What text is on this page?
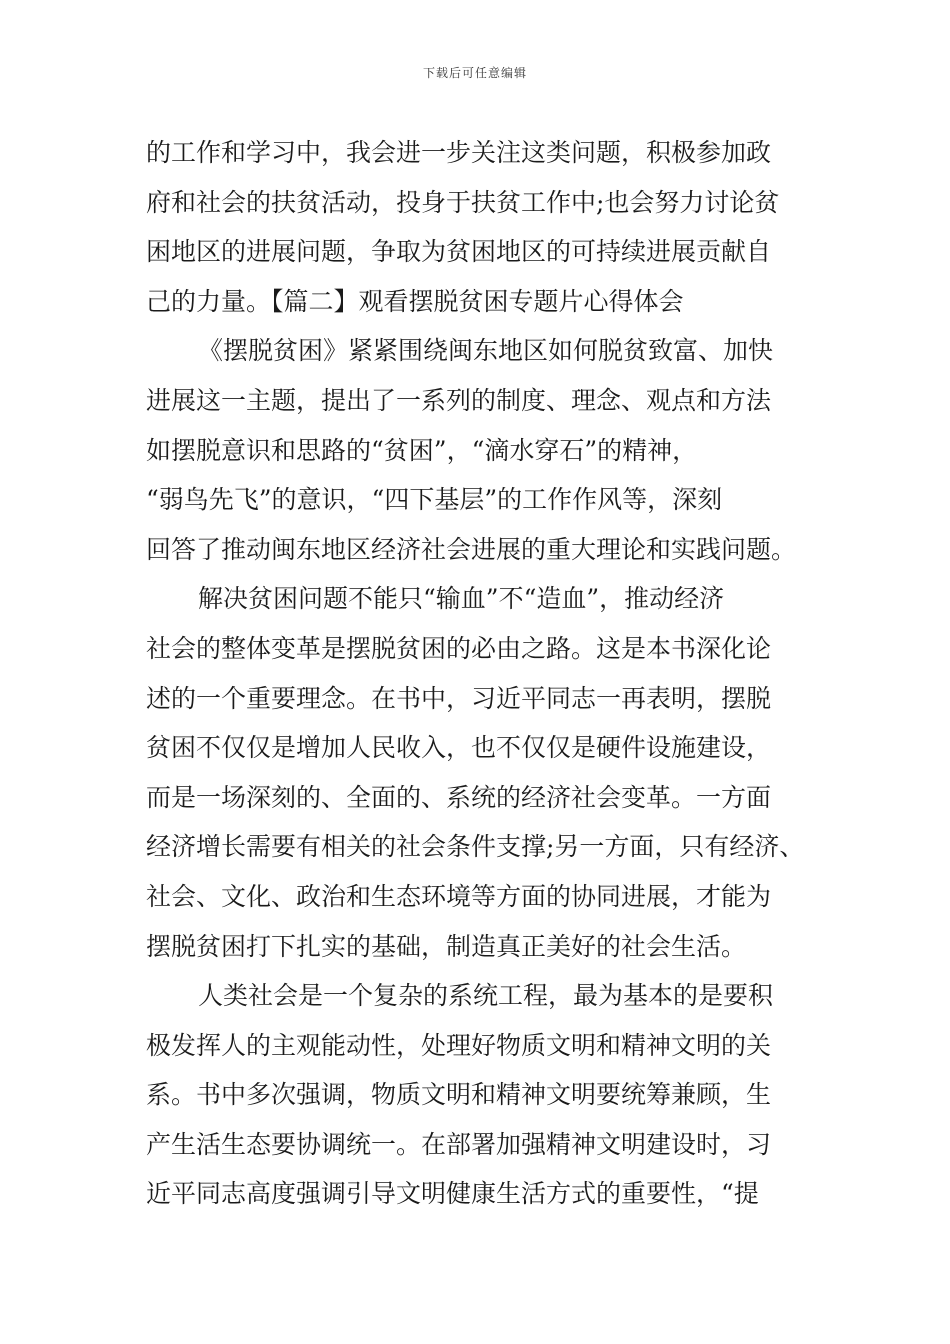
下载后可任意编辑
的工作和学习中，我会进一步关注这类问题，积极参加政
府和社会的扶贫活动，投身于扶贫工作中;也会努力讨论贫
困地区的进展问题，争取为贫困地区的可持续进展贡献自
己的力量。【篇二】观看摆脱贫困专题片心得体会
《摆脱贫困》紧紧围绕闽东地区如何脱贫致富、加快
进展这一主题，提出了一系列的制度、理念、观点和方法
如摆脱意识和思路的“贫困”，“滴水穿石”的精神，
“弱鸟先飞”的意识，“四下基层”的工作作风等，深刻
回答了推动闽东地区经济社会进展的重大理论和实践问题。
解决贫困问题不能只“输血”不“造血”，推动经济
社会的整体变革是摆脱贫困的必由之路。这是本书深化论
述的一个重要理念。在书中，习近平同志一再表明，摆脱
贫困不仅仅是增加人民收入，也不仅仅是硬件设施建设，
而是一场深刻的、全面的、系统的经济社会变革。一方面
经济增长需要有相关的社会条件支撑;另一方面，只有经济、
社会、文化、政治和生态环境等方面的协同进展，才能为
摆脱贫困打下扎实的基础，制造真正美好的社会生活。
人类社会是一个复杂的系统工程，最为基本的是要积
极发挥人的主观能动性，处理好物质文明和精神文明的关
系。书中多次强调，物质文明和精神文明要统筹兼顾，生
产生活生态要协调统一。在部署加强精神文明建设时，习
近平同志高度强调引导文明健康生活方式的重要性，“提
